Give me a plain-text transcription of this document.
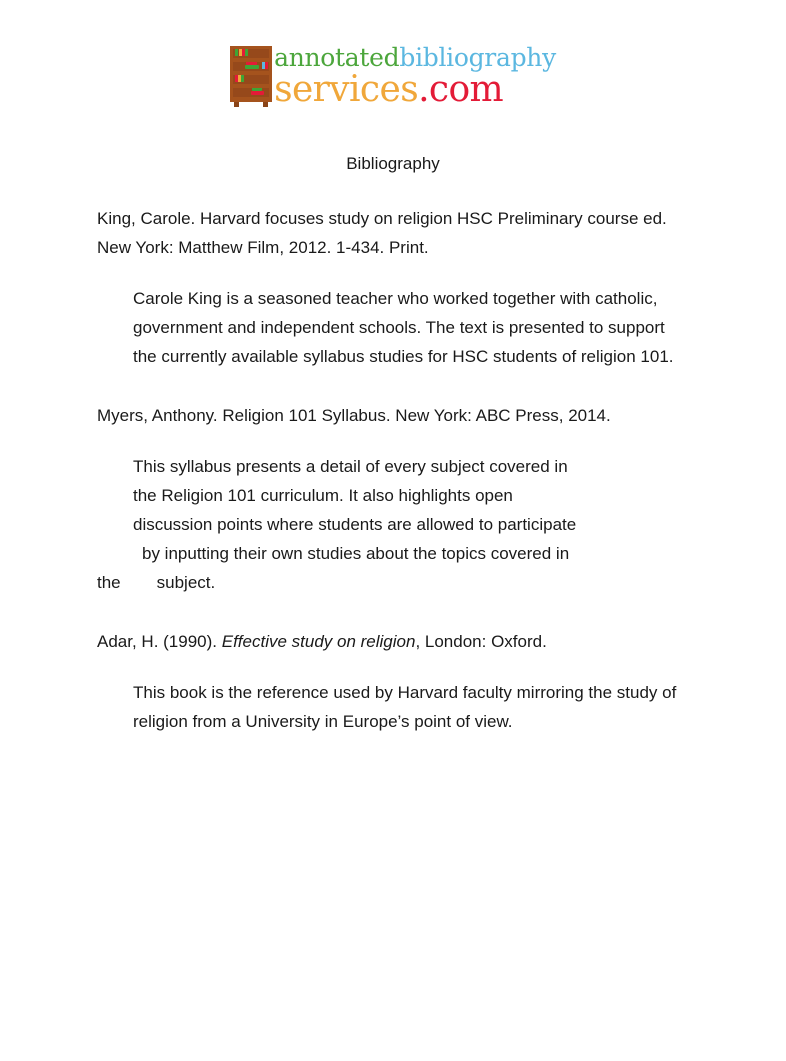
annotatedbibliography
services.com
Bibliography

King, Carole. Harvard focuses study on religion HSC Preliminary course ed. New York: Matthew Film, 2012. 1-434. Print.

Carole King is a seasoned teacher who worked together with catholic, government and independent schools. The text is presented to support the currently available syllabus studies for HSC students of religion 101.

Myers, Anthony. Religion 101 Syllabus. New York: ABC Press, 2014.

This syllabus presents a detail of every subject covered in
the Religion 101 curriculum. It also highlights open
discussion points where students are allowed to participate
by inputting their own studies about the topics covered in
the subject.

Adar, H. (1990). Effective study on religion, London: Oxford.

This book is the reference used by Harvard faculty mirroring the study of religion from a University in Europe’s point of view.
